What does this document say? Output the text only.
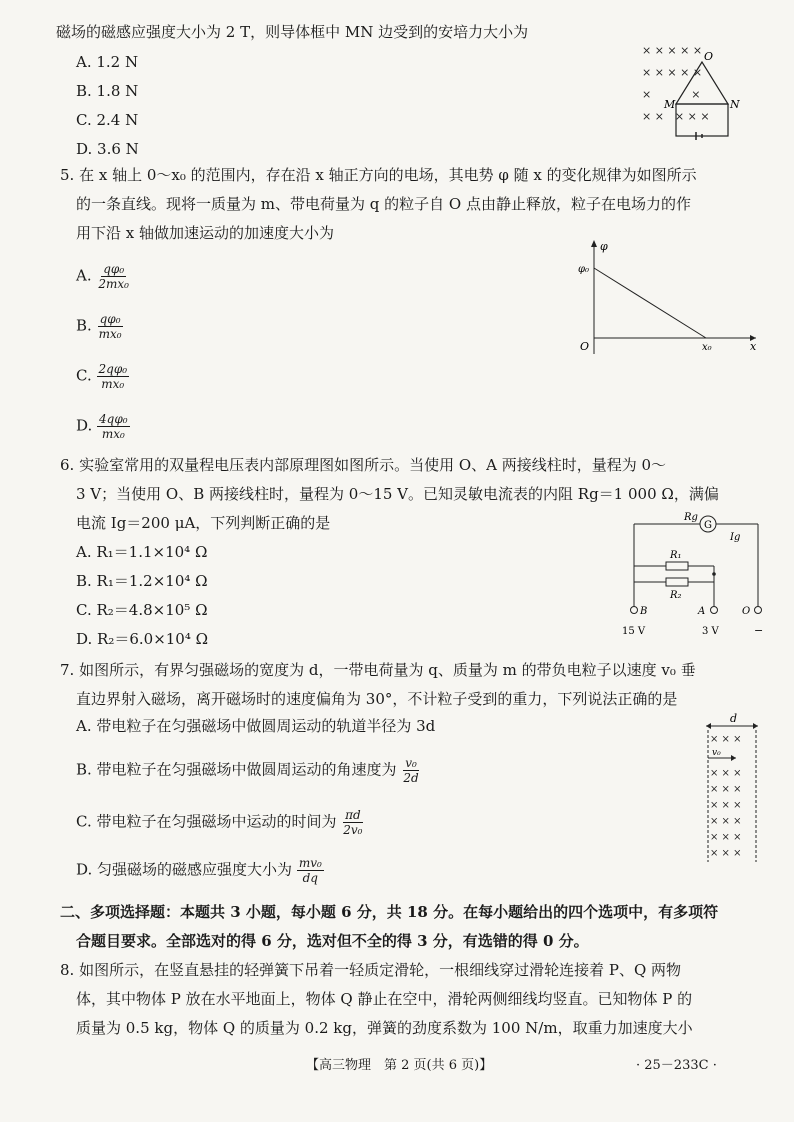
磁场的磁感应强度大小为 2 T，则导体框中 MN 边受到的安培力大小为
A. 1.2 N
B. 1.8 N
C. 2.4 N
D. 3.6 N
× × × × ×
× × × × ×
×　　 　 ×
× ×　× × ×
O
M	N
5. 在 x 轴上 0～x₀ 的范围内，存在沿 x 轴正方向的电场，其电势 φ 随 x 的变化规律为如图所示
的一条直线。现将一质量为 m、带电荷量为 q 的粒子自 O 点由静止释放，粒子在电场力的作
用下沿 x 轴做加速运动的加速度大小为
A. $\frac{\text{qφ₀}}{\text{2mx₀}}$
B. $\frac{\text{qφ₀}}{\text{mx₀}}$
C. $\frac{\text{2qφ₀}}{\text{mx₀}}$
D. $\frac{\text{4qφ₀}}{\text{mx₀}}$
φ
φ₀
O	x₀	x
6. 实验室常用的双量程电压表内部原理图如图所示。当使用 O、A 两接线柱时，量程为 0～
3 V；当使用 O、B 两接线柱时，量程为 0～15 V。已知灵敏电流表的内阻 Rg＝1 000 Ω，满偏
电流 Ig＝200 μA，下列判断正确的是
A. R₁＝1.1×10⁴ Ω
B. R₁＝1.2×10⁴ Ω
C. R₂＝4.8×10⁵ Ω
D. R₂＝6.0×10⁴ Ω
G
Rg
Ig
R₁
R₂
B	A	O
15 V	3 V	−
7. 如图所示，有界匀强磁场的宽度为 d，一带电荷量为 q、质量为 m 的带负电粒子以速度 v₀ 垂
直边界射入磁场，离开磁场时的速度偏角为 30°，不计粒子受到的重力，下列说法正确的是
A. 带电粒子在匀强磁场中做圆周运动的轨道半径为 3d
B. 带电粒子在匀强磁场中做圆周运动的角速度为 $\frac{\text{v₀}}{2d}$
C. 带电粒子在匀强磁场中运动的时间为 $\frac{\pi d}{\text{2v₀}}$
D. 匀强磁场的磁感应强度大小为 $\frac{\text{mv₀}}{dq}$
d
× × ×
× × ×
× × ×
× × ×
× × ×
× × ×
× × ×
v₀
二、多项选择题：本题共 3 小题，每小题 6 分，共 18 分。在每小题给出的四个选项中，有多项符
合题目要求。全部选对的得 6 分，选对但不全的得 3 分，有选错的得 0 分。
8. 如图所示，在竖直悬挂的轻弹簧下吊着一轻质定滑轮，一根细线穿过滑轮连接着 P、Q 两物
体，其中物体 P 放在水平地面上，物体 Q 静止在空中，滑轮两侧细线均竖直。已知物体 P 的
质量为 0.5 kg，物体 Q 的质量为 0.2 kg，弹簧的劲度系数为 100 N/m，取重力加速度大小
【高三物理　第 2 页(共 6 页)】	· 25－233C ·
